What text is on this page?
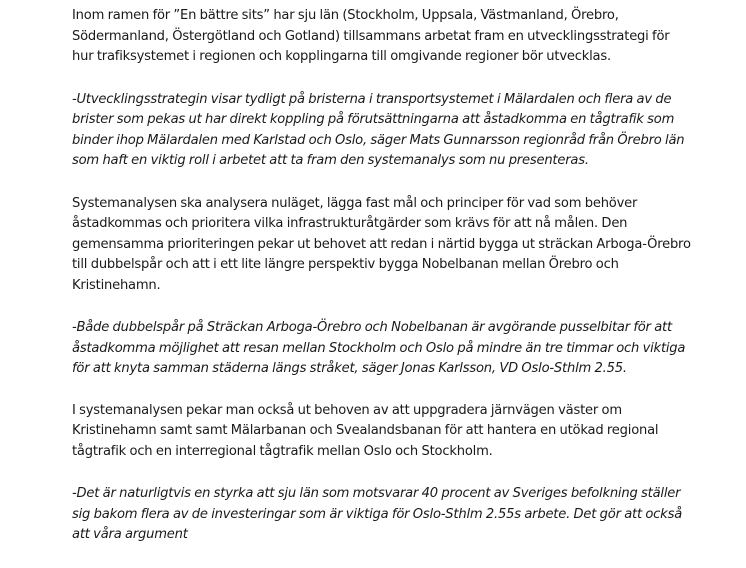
Inom ramen för ”En bättre sits” har sju län (Stockholm, Uppsala, Västmanland, Örebro, Södermanland, Östergötland och Gotland) tillsammans arbetat fram en utvecklingsstrategi för hur trafiksystemet i regionen och kopplingarna till omgivande regioner bör utvecklas.

-Utvecklingsstrategin visar tydligt på bristerna i transportsystemet i Mälardalen och flera av de brister som pekas ut har direkt koppling på förutsättningarna att åstadkomma en tågtrafik som binder ihop Mälardalen med Karlstad och Oslo, säger Mats Gunnarsson regionråd från Örebro län som haft en viktig roll i arbetet att ta fram den systemanalys som nu presenteras.

Systemanalysen ska analysera nuläget, lägga fast mål och principer för vad som behöver åstadkommas och prioritera vilka infrastrukturåtgärder som krävs för att nå målen. Den gemensamma prioriteringen pekar ut behovet att redan i närtid bygga ut sträckan Arboga-Örebro till dubbelspår och att i ett lite längre perspektiv bygga Nobelbanan mellan Örebro och Kristinehamn.

-Både dubbelspår på Sträckan Arboga-Örebro och Nobelbanan är avgörande pusselbitar för att åstadkomma möjlighet att resan mellan Stockholm och Oslo på mindre än tre timmar och viktiga för att knyta samman städerna längs stråket, säger Jonas Karlsson, VD Oslo-Sthlm 2.55.

I systemanalysen pekar man också ut behoven av att uppgradera järnvägen väster om Kristinehamn samt samt Mälarbanan och Svealandsbanan för att hantera en utökad regional tågtrafik och en interregional tågtrafik mellan Oslo och Stockholm.

-Det är naturligtvis en styrka att sju län som motsvarar 40 procent av Sveriges befolkning ställer sig bakom flera av de investeringar som är viktiga för Oslo-Sthlm 2.55s arbete. Det gör att också att våra argument
